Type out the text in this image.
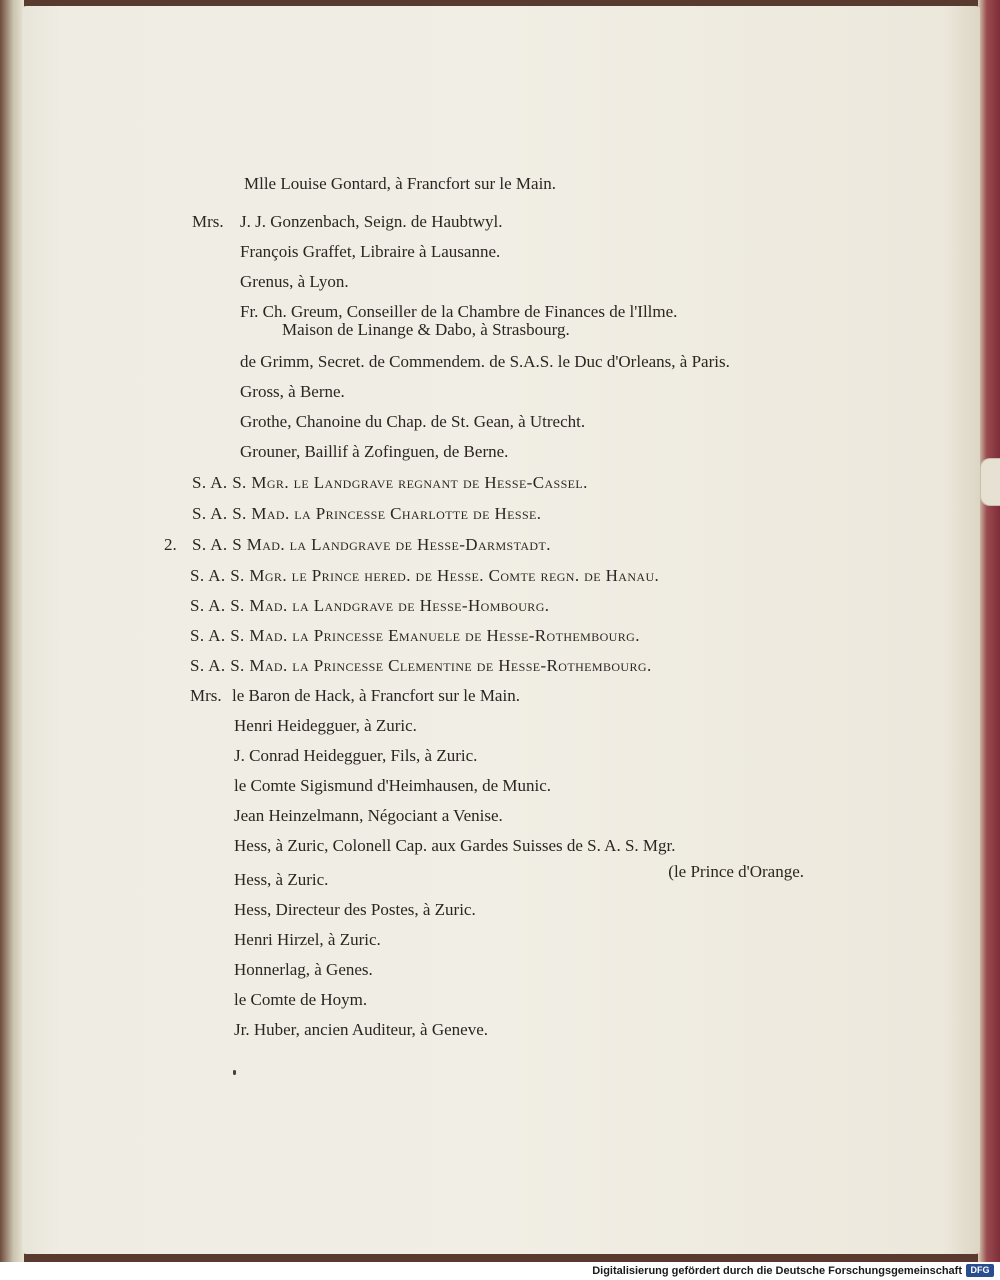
Mlle Louise Gontard, à Francfort sur le Main.
Mrs. J. J. Gonzenbach, Seign. de Haubtwyl.
François Graffet, Libraire à Lausanne.
Grenus, à Lyon.
Fr. Ch. Greum, Conseiller de la Chambre de Finances de l'Illme.
Maison de Linange & Dabo, à Strasbourg.
de Grimm, Secret. de Commendem. de S.A.S. le Duc d'Orleans, à Paris.
Gross, à Berne.
Grothe, Chanoine du Chap. de St. Gean, à Utrecht.
Grouner, Baillif à Zofinguen, de Berne.
S. A. S. Mgr. le Landgrave regnant de Hesse-Cassel.
S. A. S. Mad. la Princesse Charlotte de Hesse.
2. S. A. S Mad. la Landgrave de Hesse-Darmstadt.
S. A. S. Mgr. le Prince hered. de Hesse. Comte regn. de Hanau.
S. A. S. Mad. la Landgrave de Hesse-Hombourg.
S. A. S. Mad. la Princesse Emanuele de Hesse-Rothembourg.
S. A. S. Mad. la Princesse Clementine de Hesse-Rothembourg.
Mrs. le Baron de Hack, à Francfort sur le Main.
Henri Heidegguer, à Zuric.
J. Conrad Heidegguer, Fils, à Zuric.
le Comte Sigismund d'Heimhausen, de Munic.
Jean Heinzelmann, Négociant a Venise.
Hess, à Zuric, Colonell Cap. aux Gardes Suisses de S. A. S. Mgr.
(le Prince d'Orange.
Hess, à Zuric.
Hess, Directeur des Postes, à Zuric.
Henri Hirzel, à Zuric.
Honnerlag, à Genes.
le Comte de Hoym.
Jr. Huber, ancien Auditeur, à Geneve.
Digitalisierung gefördert durch die Deutsche Forschungsgemeinschaft DFG
